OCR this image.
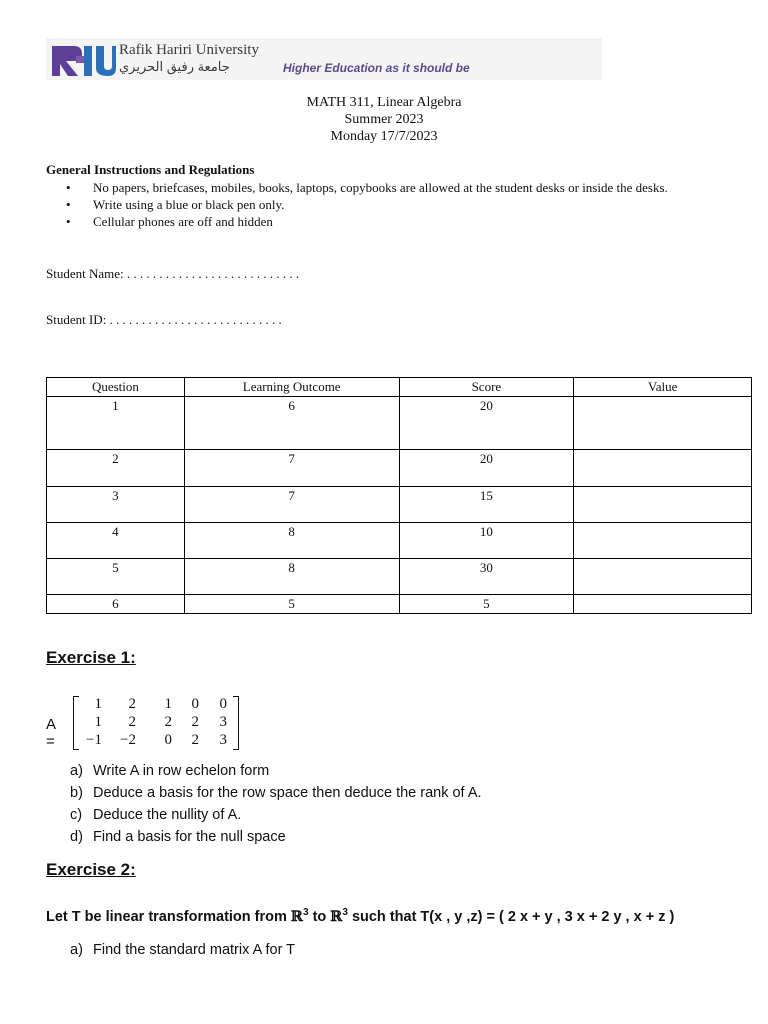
Rafik Hariri University
جامعة رفيق الحريري	Higher Education as it should be
MATH 311, Linear Algebra
Summer 2023
Monday 17/7/2023
General Instructions and Regulations
• No papers, briefcases, mobiles, books, laptops, copybooks are allowed at the student desks or inside the desks.
• Write using a blue or black pen only.
• Cellular phones are off and hidden
Student Name: . . . . . . . . . . . . . . . . . . . . . . . . . . .
Student ID: . . . . . . . . . . . . . . . . . . . . . . . . . . .
Question	Learning Outcome	Score	Value
1	6	20	
2	7	20	
3	7	15	
4	8	10	
5	8	30	
6	5	5	
Exercise 1:
A =
1	2	1	0	0
1	2	2	2	3
−1	−2	0	2	3
a) Write A in row echelon form
b) Deduce a basis for the row space then deduce the rank of A.
c) Deduce the nullity of A.
d) Find a basis for the null space
Exercise 2:
Let T be linear transformation from ℝ$^3$ to ℝ$^3$ such that T(x , y ,z) = ( 2 x + y , 3 x + 2 y , x + z )
a) Find the standard matrix A for T
